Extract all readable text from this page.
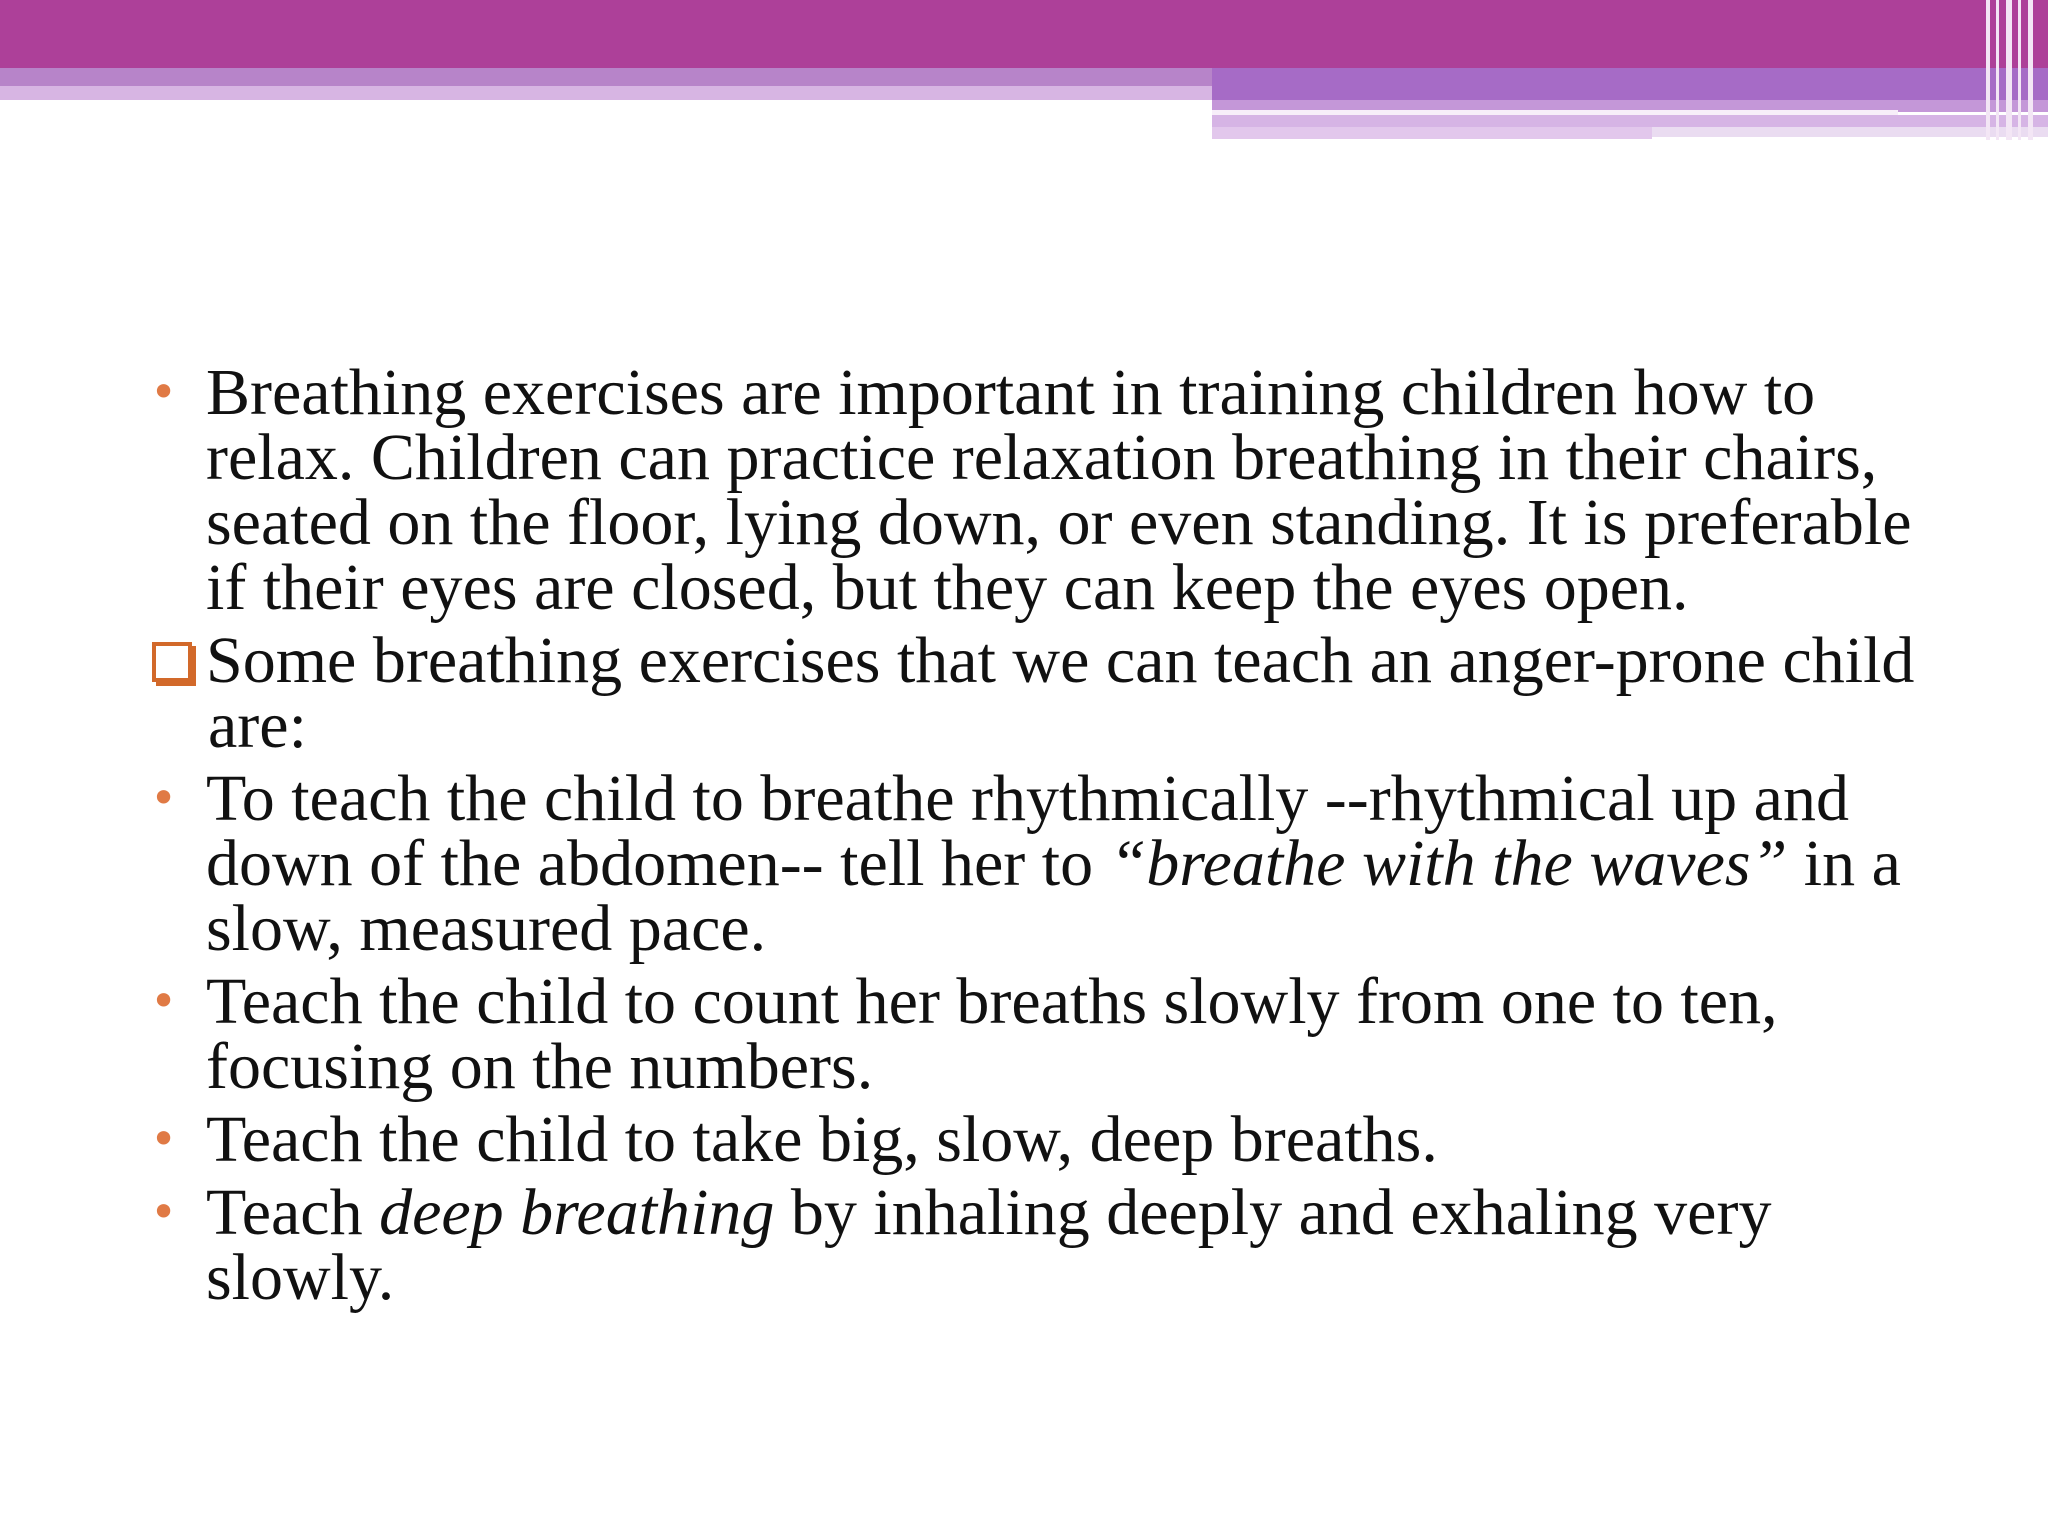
• Breathing exercises are important in training children how to relax. Children can practice relaxation breathing in their chairs, seated on the floor, lying down, or even standing. It is preferable if their eyes are closed, but they can keep the eyes open.
Some breathing exercises that we can teach an anger-prone child are:
• To teach the child to breathe rhythmically --rhythmical up and down of the abdomen-- tell her to “breathe with the waves” in a slow, measured pace.
• Teach the child to count her breaths slowly from one to ten, focusing on the numbers.
• Teach the child to take big, slow, deep breaths.
• Teach deep breathing by inhaling deeply and exhaling very slowly.
